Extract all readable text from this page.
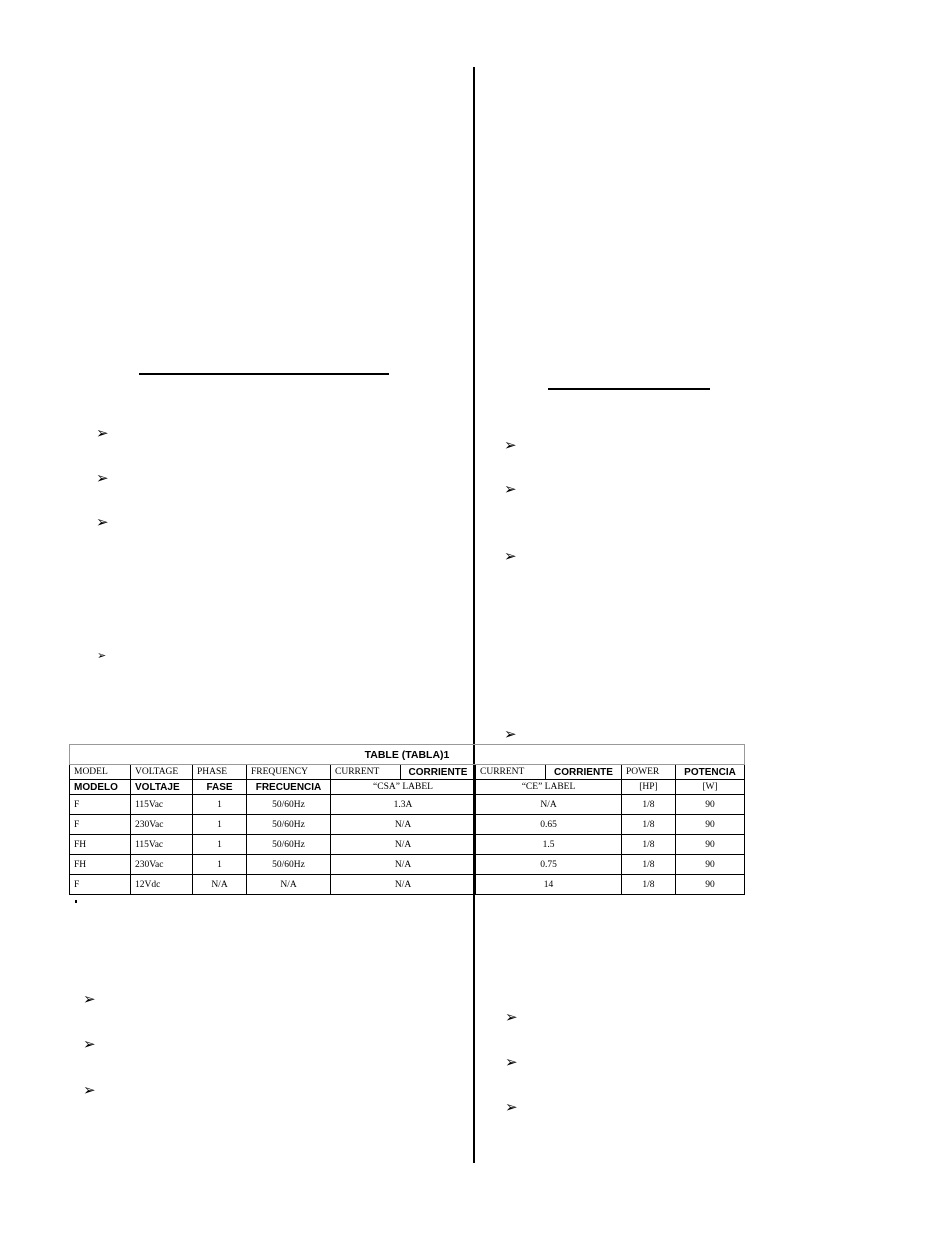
➢
➢
➢
➢
➢
➢
➢
➢
TABLE (TABLA)1									
MODEL	VOLTAGE	PHASE	FREQUENCY	CURRENT	CORRIENTE	CURRENT	CORRIENTE	POWER	POTENCIA
MODELO	VOLTAJE	FASE	FRECUENCIA	“CSA” LABEL		“CE” LABEL		[HP]	[W]
F	115Vac	1	50/60Hz	1.3A		N/A		1/8	90
F	230Vac	1	50/60Hz	N/A		0.65		1/8	90
FH	115Vac	1	50/60Hz	N/A		1.5		1/8	90
FH	230Vac	1	50/60Hz	N/A		0.75		1/8	90
F	12Vdc	N/A	N/A	N/A		14		1/8	90
➢
➢
➢
➢
➢
➢
